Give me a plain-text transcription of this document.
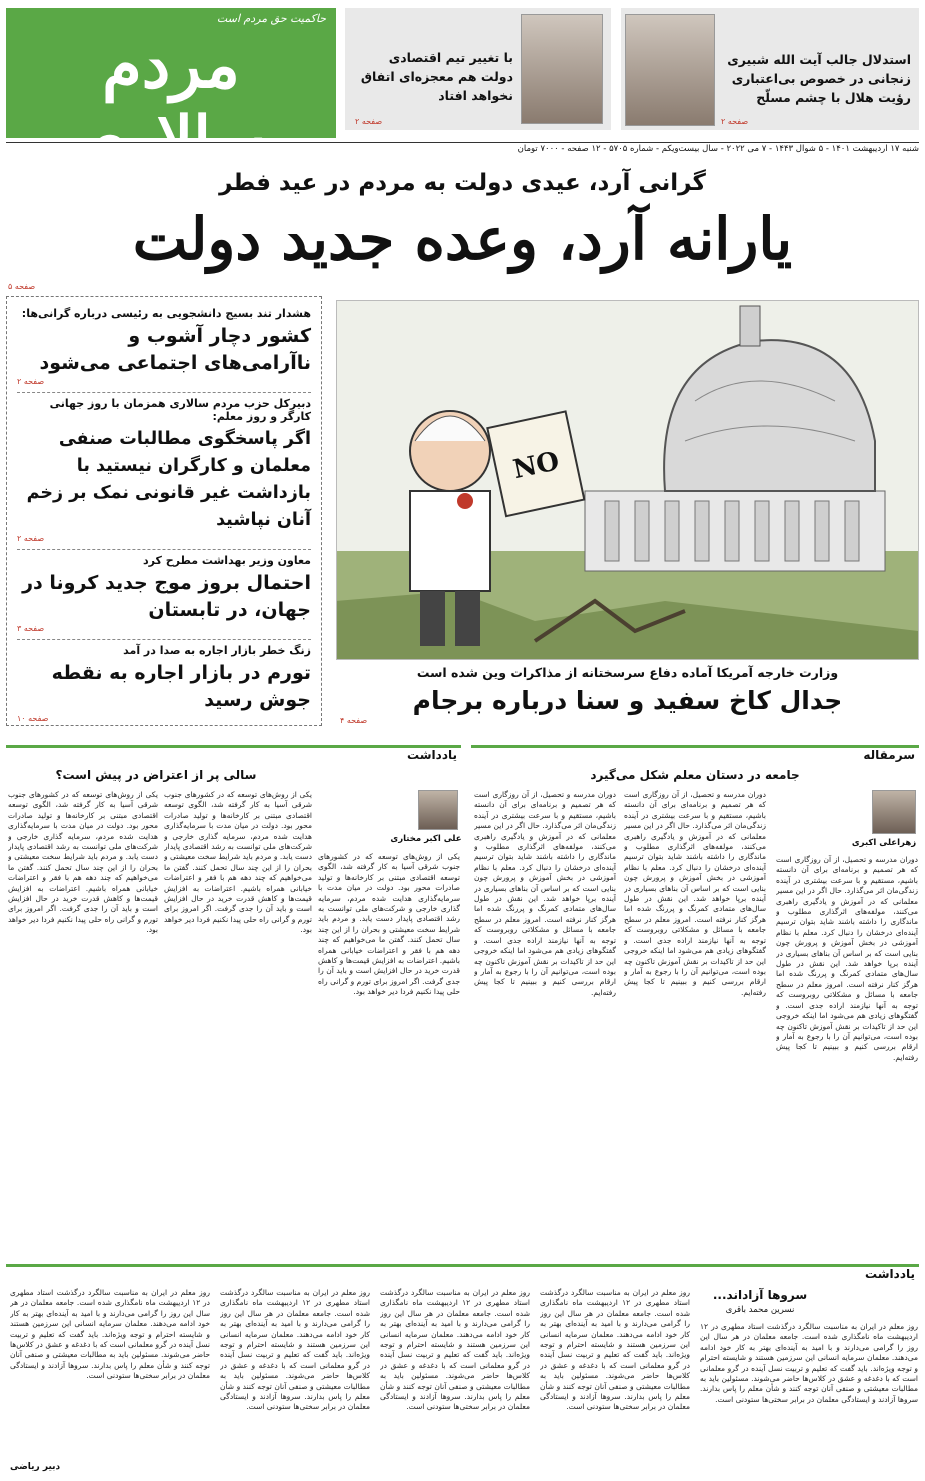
حاکمیت حق مردم است
مردم سالاری
با تغییر تیم اقتصادی دولت هم معجزه‌ای اتفاق نخواهد افتاد
صفحه ۲
استدلال جالب آیت الله شبیری زنجانی در خصوص بی‌اعتباری رؤیت هلال با چشم مسلّح
صفحه ۲
شنبه ۱۷ اردیبهشت ۱۴۰۱ - ۵ شوال ۱۴۴۳ - ۷ می ۲۰۲۲ - سال بیست‌ویکم - شماره ۵۷۰۵ - ۱۲ صفحه - ۷۰۰۰ تومان
گرانی آرد، عیدی دولت به مردم در عید فطر
یارانه آرد، وعده جدید دولت
صفحه ۵
هشدار تند بسیج دانشجویی به رئیسی درباره گرانی‌ها:
کشور دچار آشوب و ناآرامی‌های اجتماعی می‌شود
صفحه ۲
دبیرکل حزب مردم سالاری همزمان با روز جهانی کارگر و روز معلم:
اگر پاسخگوی مطالبات صنفی معلمان و کارگران نیستید با بازداشت غیر قانونی نمک بر زخم آنان نپاشید
صفحه ۲
معاون وزیر بهداشت مطرح کرد
احتمال بروز موج جدید کرونا در جهان، در تابستان
صفحه ۳
زنگ خطر بازار اجاره به صدا در آمد
تورم در بازار اجاره به نقطه جوش رسید
صفحه ۱۰
NO
وزارت خارجه آمریکا آماده دفاع سرسختانه از مذاکرات وین شده است
جدال کاخ سفید و سنا درباره برجام
صفحه ۴
سرمقاله
جامعه در دستان معلم شکل می‌گیرد
زهراعلی اکبری
دوران مدرسه و تحصیل، از آن روزگاری است که هر تصمیم و برنامه‌ای برای آن دانسته باشیم، مستقیم و با سرعت بیشتری در آینده زندگی‌مان اثر می‌گذارد. حال اگر در این مسیر معلمانی که در آموزش و یادگیری راهبری می‌کنند، مولفه‌های اثرگذاری مطلوب و ماندگاری را داشته باشند شاید بتوان ترسیم آینده‌ای درخشان را دنبال کرد. معلم با نظام آموزشی در بخش آموزش و پرورش چون بنایی است که بر اساس آن بناهای بسیاری در آینده برپا خواهد شد. این نقش در طول سال‌های متمادی کمرنگ و پررنگ شده اما هرگز کنار نرفته است. امروز معلم در سطح جامعه با مسائل و مشکلاتی روبروست که توجه به آنها نیازمند اراده جدی است. و گفتگوهای زیادی هم می‌شود اما اینکه خروجی این حد از تاکیدات بر نقش آموزش تاکنون چه بوده است، می‌توانیم آن را با رجوع به آمار و ارقام بررسی کنیم و ببینیم تا کجا پیش رفته‌ایم.
دوران مدرسه و تحصیل، از آن روزگاری است که هر تصمیم و برنامه‌ای برای آن دانسته باشیم، مستقیم و با سرعت بیشتری در آینده زندگی‌مان اثر می‌گذارد. حال اگر در این مسیر معلمانی که در آموزش و یادگیری راهبری می‌کنند، مولفه‌های اثرگذاری مطلوب و ماندگاری را داشته باشند شاید بتوان ترسیم آینده‌ای درخشان را دنبال کرد. معلم با نظام آموزشی در بخش آموزش و پرورش چون بنایی است که بر اساس آن بناهای بسیاری در آینده برپا خواهد شد. این نقش در طول سال‌های متمادی کمرنگ و پررنگ شده اما هرگز کنار نرفته است. امروز معلم در سطح جامعه با مسائل و مشکلاتی روبروست که توجه به آنها نیازمند اراده جدی است. و گفتگوهای زیادی هم می‌شود اما اینکه خروجی این حد از تاکیدات بر نقش آموزش تاکنون چه بوده است، می‌توانیم آن را با رجوع به آمار و ارقام بررسی کنیم و ببینیم تا کجا پیش رفته‌ایم.
دوران مدرسه و تحصیل، از آن روزگاری است که هر تصمیم و برنامه‌ای برای آن دانسته باشیم، مستقیم و با سرعت بیشتری در آینده زندگی‌مان اثر می‌گذارد. حال اگر در این مسیر معلمانی که در آموزش و یادگیری راهبری می‌کنند، مولفه‌های اثرگذاری مطلوب و ماندگاری را داشته باشند شاید بتوان ترسیم آینده‌ای درخشان را دنبال کرد. معلم با نظام آموزشی در بخش آموزش و پرورش چون بنایی است که بر اساس آن بناهای بسیاری در آینده برپا خواهد شد. این نقش در طول سال‌های متمادی کمرنگ و پررنگ شده اما هرگز کنار نرفته است. امروز معلم در سطح جامعه با مسائل و مشکلاتی روبروست که توجه به آنها نیازمند اراده جدی است. و گفتگوهای زیادی هم می‌شود اما اینکه خروجی این حد از تاکیدات بر نقش آموزش تاکنون چه بوده است، می‌توانیم آن را با رجوع به آمار و ارقام بررسی کنیم و ببینیم تا کجا پیش رفته‌ایم.
یادداشت
سالی پر از اعتراض در پیش است؟
علی اکبر مختاری
یکی از روش‌های توسعه که در کشورهای جنوب شرقی آسیا به کار گرفته شد، الگوی توسعه اقتصادی مبتنی بر کارخانه‌ها و تولید صادرات محور بود. دولت در میان مدت با سرمایه‌گذاری هدایت شده مردم، سرمایه گذاری خارجی و شرکت‌های ملی توانست به رشد اقتصادی پایدار دست یابد. و مردم باید شرایط سخت معیشتی و بحران را از این چند سال تحمل کنند. گفتن ما می‌خواهیم که چند دهه هم با فقر و اعتراضات خیابانی همراه باشیم. اعتراضات به افزایش قیمت‌ها و کاهش قدرت خرید در حال افزایش است و باید آن را جدی گرفت. اگر امروز برای تورم و گرانی راه حلی پیدا نکنیم فردا دیر خواهد بود.
یکی از روش‌های توسعه که در کشورهای جنوب شرقی آسیا به کار گرفته شد، الگوی توسعه اقتصادی مبتنی بر کارخانه‌ها و تولید صادرات محور بود. دولت در میان مدت با سرمایه‌گذاری هدایت شده مردم، سرمایه گذاری خارجی و شرکت‌های ملی توانست به رشد اقتصادی پایدار دست یابد. و مردم باید شرایط سخت معیشتی و بحران را از این چند سال تحمل کنند. گفتن ما می‌خواهیم که چند دهه هم با فقر و اعتراضات خیابانی همراه باشیم. اعتراضات به افزایش قیمت‌ها و کاهش قدرت خرید در حال افزایش است و باید آن را جدی گرفت. اگر امروز برای تورم و گرانی راه حلی پیدا نکنیم فردا دیر خواهد بود.
یکی از روش‌های توسعه که در کشورهای جنوب شرقی آسیا به کار گرفته شد، الگوی توسعه اقتصادی مبتنی بر کارخانه‌ها و تولید صادرات محور بود. دولت در میان مدت با سرمایه‌گذاری هدایت شده مردم، سرمایه گذاری خارجی و شرکت‌های ملی توانست به رشد اقتصادی پایدار دست یابد. و مردم باید شرایط سخت معیشتی و بحران را از این چند سال تحمل کنند. گفتن ما می‌خواهیم که چند دهه هم با فقر و اعتراضات خیابانی همراه باشیم. اعتراضات به افزایش قیمت‌ها و کاهش قدرت خرید در حال افزایش است و باید آن را جدی گرفت. اگر امروز برای تورم و گرانی راه حلی پیدا نکنیم فردا دیر خواهد بود.
یادداشت
سروها آزاد‌اند...
نسرین محمد باقری
روز معلم در ایران به مناسبت سالگرد درگذشت استاد مطهری در ۱۲ اردیبهشت ماه نامگذاری شده است. جامعه معلمان در هر سال این روز را گرامی می‌دارند و با امید به آینده‌ای بهتر به کار خود ادامه می‌دهند. معلمان سرمایه انسانی این سرزمین هستند و شایسته احترام و توجه ویژه‌اند. باید گفت که تعلیم و تربیت نسل آینده در گرو معلمانی است که با دغدغه و عشق در کلاس‌ها حاضر می‌شوند. مسئولین باید به مطالبات معیشتی و صنفی آنان توجه کنند و شأن معلم را پاس بدارند. سروها آزادند و ایستادگی معلمان در برابر سختی‌ها ستودنی است.
روز معلم در ایران به مناسبت سالگرد درگذشت استاد مطهری در ۱۲ اردیبهشت ماه نامگذاری شده است. جامعه معلمان در هر سال این روز را گرامی می‌دارند و با امید به آینده‌ای بهتر به کار خود ادامه می‌دهند. معلمان سرمایه انسانی این سرزمین هستند و شایسته احترام و توجه ویژه‌اند. باید گفت که تعلیم و تربیت نسل آینده در گرو معلمانی است که با دغدغه و عشق در کلاس‌ها حاضر می‌شوند. مسئولین باید به مطالبات معیشتی و صنفی آنان توجه کنند و شأن معلم را پاس بدارند. سروها آزادند و ایستادگی معلمان در برابر سختی‌ها ستودنی است.
روز معلم در ایران به مناسبت سالگرد درگذشت استاد مطهری در ۱۲ اردیبهشت ماه نامگذاری شده است. جامعه معلمان در هر سال این روز را گرامی می‌دارند و با امید به آینده‌ای بهتر به کار خود ادامه می‌دهند. معلمان سرمایه انسانی این سرزمین هستند و شایسته احترام و توجه ویژه‌اند. باید گفت که تعلیم و تربیت نسل آینده در گرو معلمانی است که با دغدغه و عشق در کلاس‌ها حاضر می‌شوند. مسئولین باید به مطالبات معیشتی و صنفی آنان توجه کنند و شأن معلم را پاس بدارند. سروها آزادند و ایستادگی معلمان در برابر سختی‌ها ستودنی است.
روز معلم در ایران به مناسبت سالگرد درگذشت استاد مطهری در ۱۲ اردیبهشت ماه نامگذاری شده است. جامعه معلمان در هر سال این روز را گرامی می‌دارند و با امید به آینده‌ای بهتر به کار خود ادامه می‌دهند. معلمان سرمایه انسانی این سرزمین هستند و شایسته احترام و توجه ویژه‌اند. باید گفت که تعلیم و تربیت نسل آینده در گرو معلمانی است که با دغدغه و عشق در کلاس‌ها حاضر می‌شوند. مسئولین باید به مطالبات معیشتی و صنفی آنان توجه کنند و شأن معلم را پاس بدارند. سروها آزادند و ایستادگی معلمان در برابر سختی‌ها ستودنی است.
روز معلم در ایران به مناسبت سالگرد درگذشت استاد مطهری در ۱۲ اردیبهشت ماه نامگذاری شده است. جامعه معلمان در هر سال این روز را گرامی می‌دارند و با امید به آینده‌ای بهتر به کار خود ادامه می‌دهند. معلمان سرمایه انسانی این سرزمین هستند و شایسته احترام و توجه ویژه‌اند. باید گفت که تعلیم و تربیت نسل آینده در گرو معلمانی است که با دغدغه و عشق در کلاس‌ها حاضر می‌شوند. مسئولین باید به مطالبات معیشتی و صنفی آنان توجه کنند و شأن معلم را پاس بدارند. سروها آزادند و ایستادگی معلمان در برابر سختی‌ها ستودنی است.
دبیر ریاضی
